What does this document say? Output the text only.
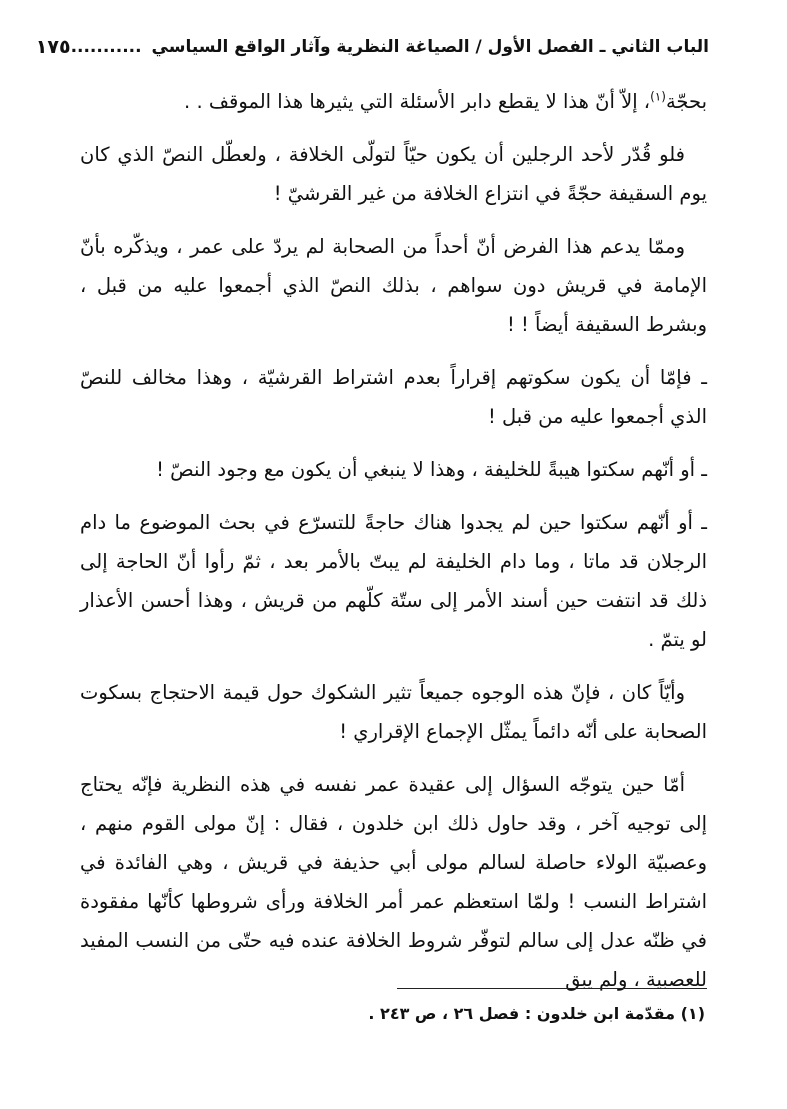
الباب الثاني ـ الفصل الأول / الصياغة النظرية وآثار الواقع السياسي ...........
١٧٥

بحجّة$^{(١)}$، إلاّ أنّ هذا لا يقطع دابر الأسئلة التي يثيرها هذا الموقف . .

فلو قُدّر لأحد الرجلين أن يكون حيّاً لتولّى الخلافة ، ولعطّل النصّ الذي كان يوم السقيفة حجّةً في انتزاع الخلافة من غير القرشيّ !

وممّا يدعم هذا الفرض أنّ أحداً من الصحابة لم يردّ على عمر ، ويذكّره بأنّ الإمامة في قريش دون سواهم ، بذلك النصّ الذي أجمعوا عليه من قبل ، وبشرط السقيفة أيضاً ! !

ـ فإمّا أن يكون سكوتهم إقراراً بعدم اشتراط القرشيّة ، وهذا مخالف للنصّ الذي أجمعوا عليه من قبل !

ـ أو أنّهم سكتوا هيبةً للخليفة ، وهذا لا ينبغي أن يكون مع وجود النصّ !

ـ أو أنّهم سكتوا حين لم يجدوا هناك حاجةً للتسرّع في بحث الموضوع ما دام الرجلان قد ماتا ، وما دام الخليفة لم يبتّ بالأمر بعد ، ثمّ رأوا أنّ الحاجة إلى ذلك قد انتفت حين أسند الأمر إلى ستّة كلّهم من قريش ، وهذا أحسن الأعذار لو يتمّ .

وأيّاً كان ، فإنّ هذه الوجوه جميعاً تثير الشكوك حول قيمة الاحتجاج بسكوت الصحابة على أنّه دائماً يمثّل الإجماع الإقراري !

أمّا حين يتوجّه السؤال إلى عقيدة عمر نفسه في هذه النظرية فإنّه يحتاج إلى توجيه آخر ، وقد حاول ذلك ابن خلدون ، فقال : إنّ مولى القوم منهم ، وعصبيّة الولاء حاصلة لسالم مولى أبي حذيفة في قريش ، وهي الفائدة في اشتراط النسب ! ولمّا استعظم عمر أمر الخلافة ورأى شروطها كأنّها مفقودة في ظنّه عدل إلى سالم لتوفّر شروط الخلافة عنده فيه حتّى من النسب المفيد للعصبية ، ولم يبق

(١) مقدّمة ابن خلدون : فصل ٢٦ ، ص ٢٤٣ .
